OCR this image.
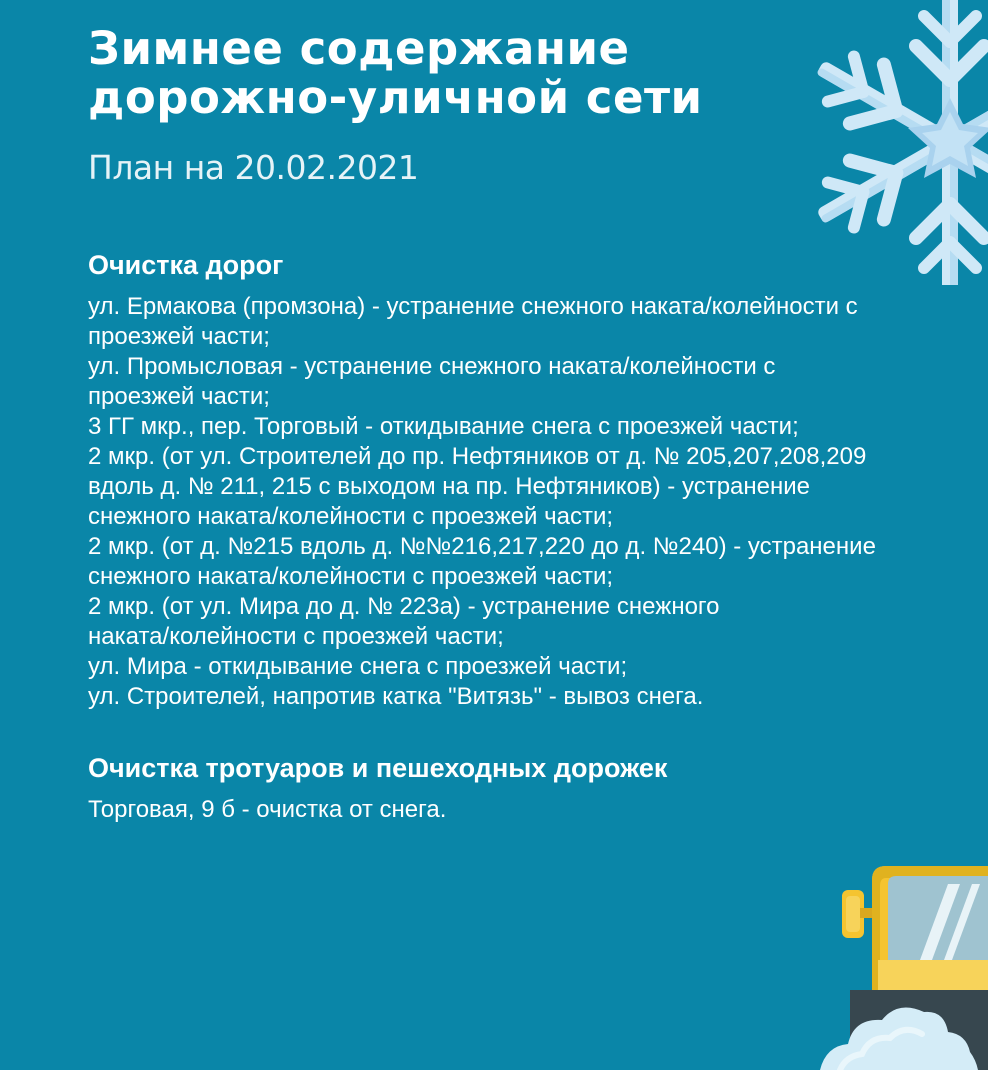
Зимнее содержание
дорожно-уличной сети

План на 20.02.2021

Очистка дорог
ул. Ермакова (промзона) - устранение снежного наката/колейности с
проезжей части;
ул. Промысловая - устранение снежного наката/колейности с
проезжей части;
3 ГГ мкр., пер. Торговый - откидывание снега с проезжей части;
2 мкр. (от ул. Строителей до пр. Нефтяников от д. № 205,207,208,209
вдоль д. № 211, 215 с выходом на пр. Нефтяников) - устранение
снежного наката/колейности с проезжей части;
2 мкр. (от д. №215 вдоль д. №№216,217,220 до д. №240) - устранение
снежного наката/колейности с проезжей части;
2 мкр. (от ул. Мира до д. № 223а) - устранение снежного
наката/колейности с проезжей части;
ул. Мира - откидывание снега с проезжей части;
ул. Строителей, напротив катка "Витязь" - вывоз снега.
Очистка тротуаров и пешеходных дорожек
Торговая, 9 б - очистка от снега.
